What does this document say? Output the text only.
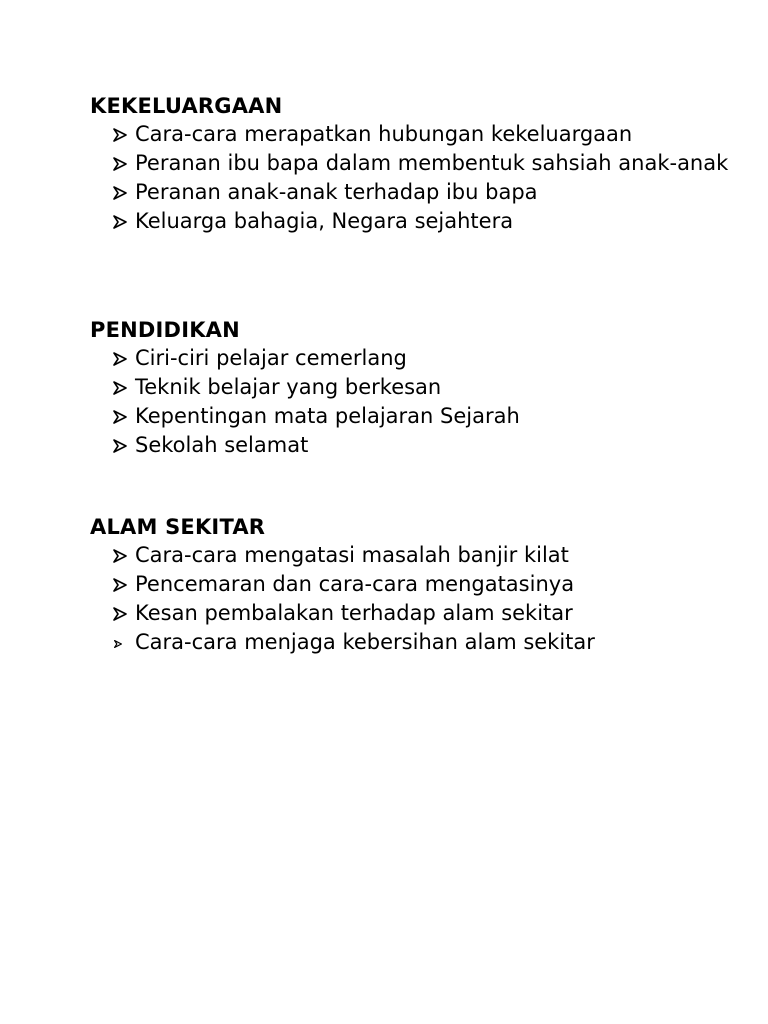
KEKELUARGAAN
Cara-cara merapatkan hubungan kekeluargaan
Peranan ibu bapa dalam membentuk sahsiah anak-anak
Peranan anak-anak terhadap ibu bapa
Keluarga bahagia, Negara sejahtera
PENDIDIKAN
Ciri-ciri pelajar cemerlang
Teknik belajar yang berkesan
Kepentingan mata pelajaran Sejarah
Sekolah selamat
ALAM SEKITAR
Cara-cara mengatasi masalah banjir kilat
Pencemaran dan cara-cara mengatasinya
Kesan pembalakan terhadap alam sekitar
Cara-cara menjaga kebersihan alam sekitar
